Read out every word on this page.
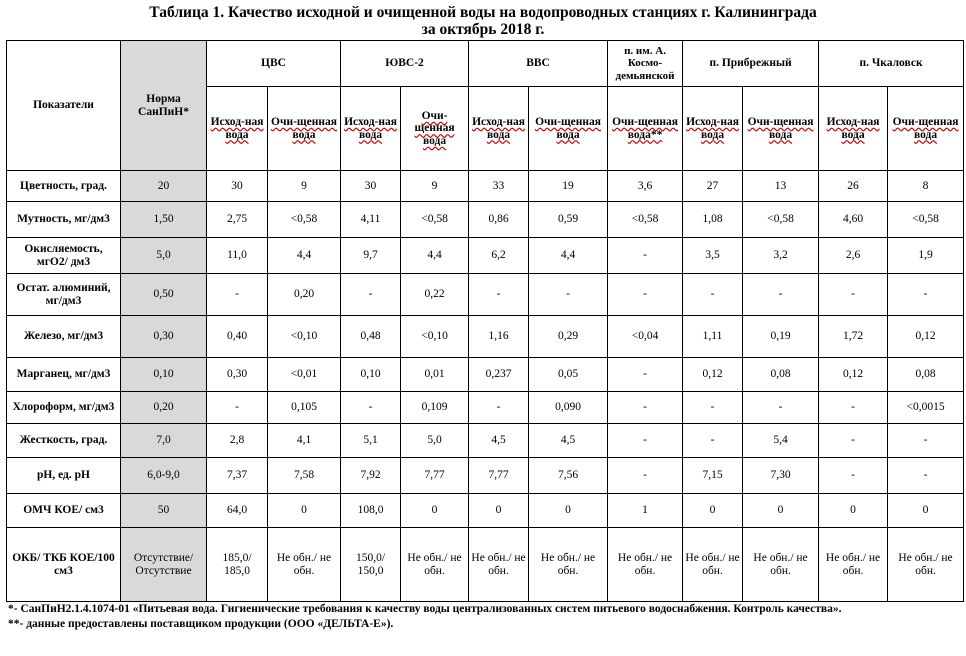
Таблица 1. Качество исходной и очищенной воды на водопроводных станциях г. Калининграда
за октябрь 2018 г.
Показатели	Норма СанПиН*	ЦВС		ЮВС-2		ВВС		п. им. А. Космо-демьянской	п. Прибрежный		п. Чкаловск	
		Исход-ная вода	Очи-щенная вода	Исход-ная вода	Очи-щенная вода	Исход-ная вода	Очи-щенная вода	Очи-щенная вода**	Исход-ная вода	Очи-щенная вода	Исход-ная вода	Очи-щенная вода
Цветность, град.	20	30	9	30	9	33	19	3,6	27	13	26	8
Мутность, мг/дм3	1,50	2,75	<0,58	4,11	<0,58	0,86	0,59	<0,58	1,08	<0,58	4,60	<0,58
Окисляемость, мгО2/ дм3	5,0	11,0	4,4	9,7	4,4	6,2	4,4	-	3,5	3,2	2,6	1,9
Остат. алюминий, мг/дм3	0,50	-	0,20	-	0,22	-	-	-	-	-	-	-
Железо, мг/дм3	0,30	0,40	<0,10	0,48	<0,10	1,16	0,29	<0,04	1,11	0,19	1,72	0,12
Марганец, мг/дм3	0,10	0,30	<0,01	0,10	0,01	0,237	0,05	-	0,12	0,08	0,12	0,08
Хлороформ, мг/дм3	0,20	-	0,105	-	0,109	-	0,090	-	-	-	-	<0,0015
Жесткость, град.	7,0	2,8	4,1	5,1	5,0	4,5	4,5	-	-	5,4	-	-
pH, ед. pH	6,0-9,0	7,37	7,58	7,92	7,77	7,77	7,56	-	7,15	7,30	-	-
ОМЧ КОЕ/ см3	50	64,0	0	108,0	0	0	0	1	0	0	0	0
ОКБ/ ТКБ КОЕ/100 см3	Отсутствие/ Отсутствие	185,0/ 185,0	Не обн./ не обн.	150,0/ 150,0	Не обн./ не обн.	Не обн./ не обн.	Не обн./ не обн.	Не обн./ не обн.	Не обн./ не обн.	Не обн./ не обн.	Не обн./ не обн.	Не обн./ не обн.
*- СанПиН2.1.4.1074-01 «Питьевая вода. Гигиенические требования к качеству воды централизованных систем питьевого водоснабжения. Контроль качества».
**- данные предоставлены поставщиком продукции (ООО «ДЕЛЬТА-Е»).
